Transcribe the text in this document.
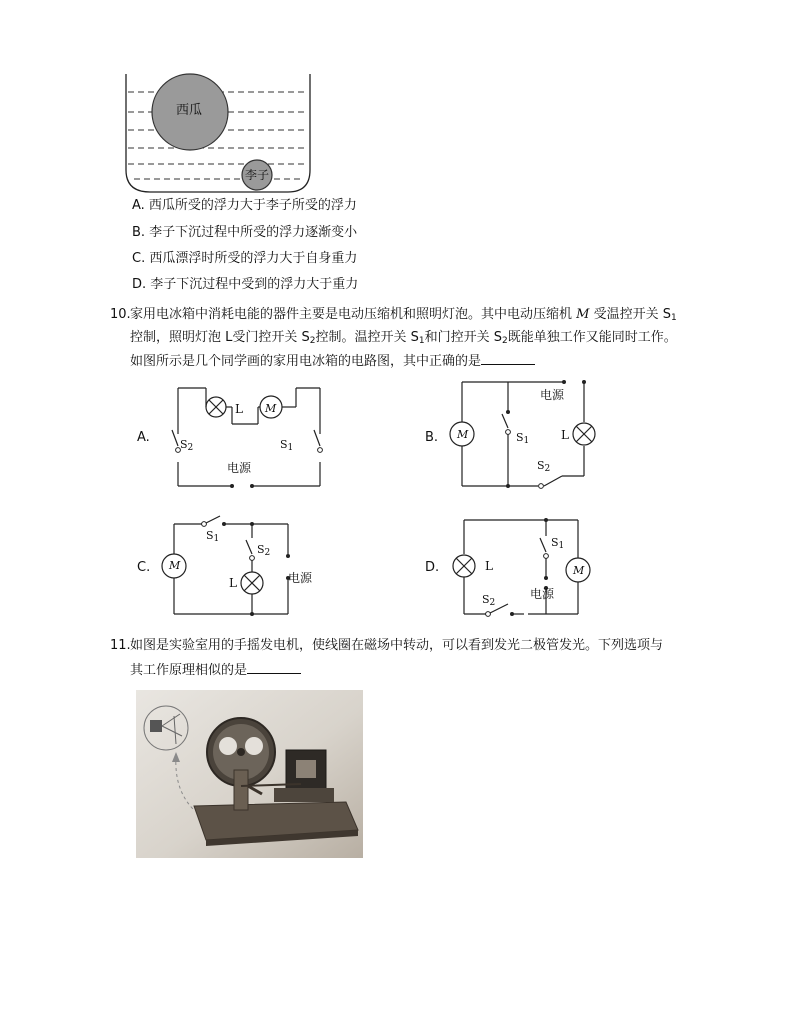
西瓜
李子
A. 西瓜所受的浮力大于李子所受的浮力
B. 李子下沉过程中所受的浮力逐渐变小
C. 西瓜漂浮时所受的浮力大于自身重力
D. 李子下沉过程中受到的浮力大于重力
10. 家用电冰箱中消耗电能的器件主要是电动压缩机和照明灯泡。其中电动压缩机 M 受温控开关 $S_1$
控制，照明灯泡 L受门控开关 $S_2$控制。温控开关 $S_1$和门控开关 $S_2$既能单独工作又能同时工作。
如图所示是几个同学画的家用电冰箱的电路图，其中正确的是
A.
L M
$S_2$	$S_1$
电源
B. M
电源
$S_1$	L
$S_2$
C. M
$S_1$
$S_2$
L	电源
D.	L
$S_1$
M
电源
$S_2$
11. 如图是实验室用的手摇发电机，使线圈在磁场中转动，可以看到发光二极管发光。下列选项与
其工作原理相似的是
